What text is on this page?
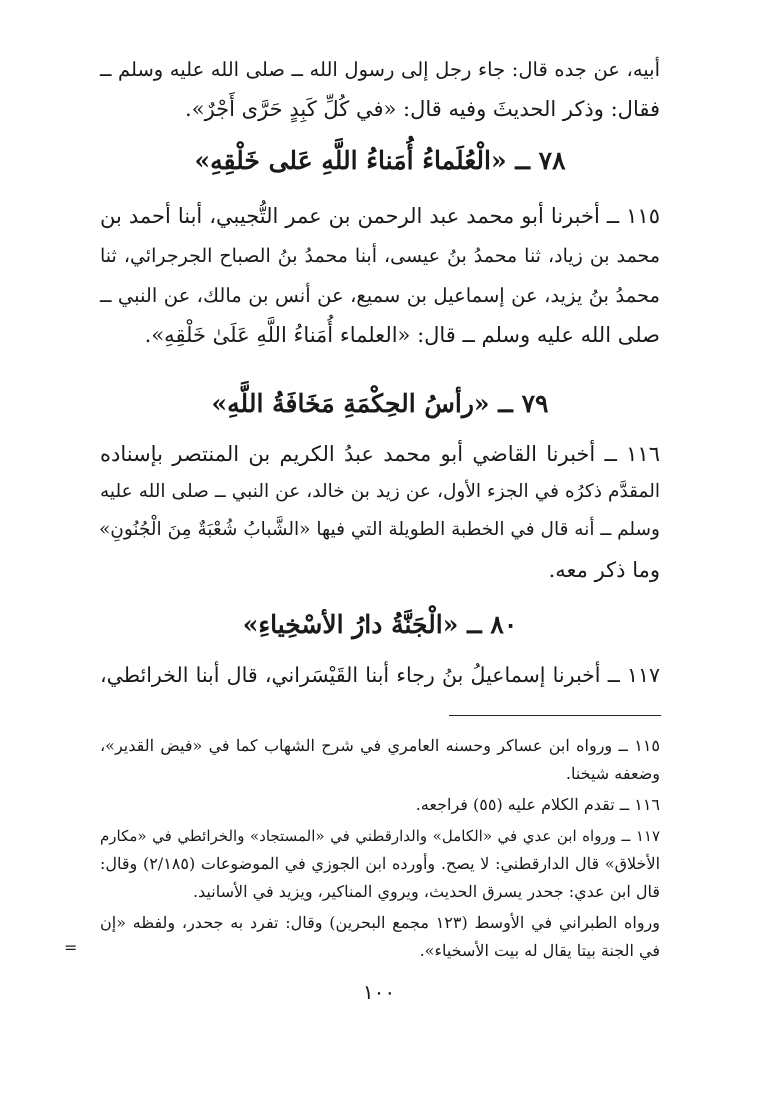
أبيه، عن جده قال: جاء رجل إلى رسول الله ــ صلى الله عليه وسلم ــ
فقال: وذكر الحديثَ وفيه قال: «في كُلِّ كَبِدٍ حَرَّى أَجْرٌ».
٧٨ ــ «الْعُلَماءُ أُمَناءُ اللَّهِ عَلى خَلْقِهِ»
١١٥ ــ أخبرنا أبو محمد عبد الرحمن بن عمر التُّجيبي، أبنا أحمد بن
محمد بن زياد، ثنا محمدُ بنُ عيسى، أبنا محمدُ بنُ الصباح الجرجرائي، ثنا
محمدُ بنُ يزيد، عن إسماعيل بن سميع، عن أنس بن مالك، عن النبي ــ
صلى الله عليه وسلم ــ قال: «العلماء أُمَناءُ اللَّهِ عَلَىٰ خَلْقِهِ».
٧٩ ــ «رأسُ الحِكْمَةِ مَخَافَةُ اللَّهِ»
١١٦ ــ أخبرنا القاضي أبو محمد عبدُ الكريم بن المنتصر بإسناده
المقدَّم ذكرُه في الجزء الأول، عن زيد بن خالد، عن النبي ــ صلى الله عليه
وسلم ــ أنه قال في الخطبة الطويلة التي فيها «الشَّبابُ شُعْبَةٌ مِنَ الْجُنُونِ»
وما ذكر معه.
٨٠ ــ «الْجَنَّةُ دارُ الأسْخِياءِ»
١١٧ ــ أخبرنا إسماعيلُ بنُ رجاء أبنا القَيْسَراني، قال أبنا الخرائطي،
١١٥ ــ ورواه ابن عساكر وحسنه العامري في شرح الشهاب كما في «فيض القدير»،
وضعفه شيخنا.
١١٦ ــ تقدم الكلام عليه (٥٥) فراجعه.
١١٧ ــ ورواه ابن عدي في «الكامل» والدارقطني في «المستجاد» والخرائطي في «مكارم
الأخلاق» قال الدارقطني: لا يصح. وأورده ابن الجوزي في الموضوعات (٢/١٨٥) وقال:
قال ابن عدي: جحدر يسرق الحديث، ويروي المناكير، ويزيد في الأسانيد.
ورواه الطبراني في الأوسط (١٢٣ مجمع البحرين) وقال: تفرد به جحدر، ولفظه «إن
في الجنة بيتا يقال له بيت الأسخياء».
=
١٠٠
